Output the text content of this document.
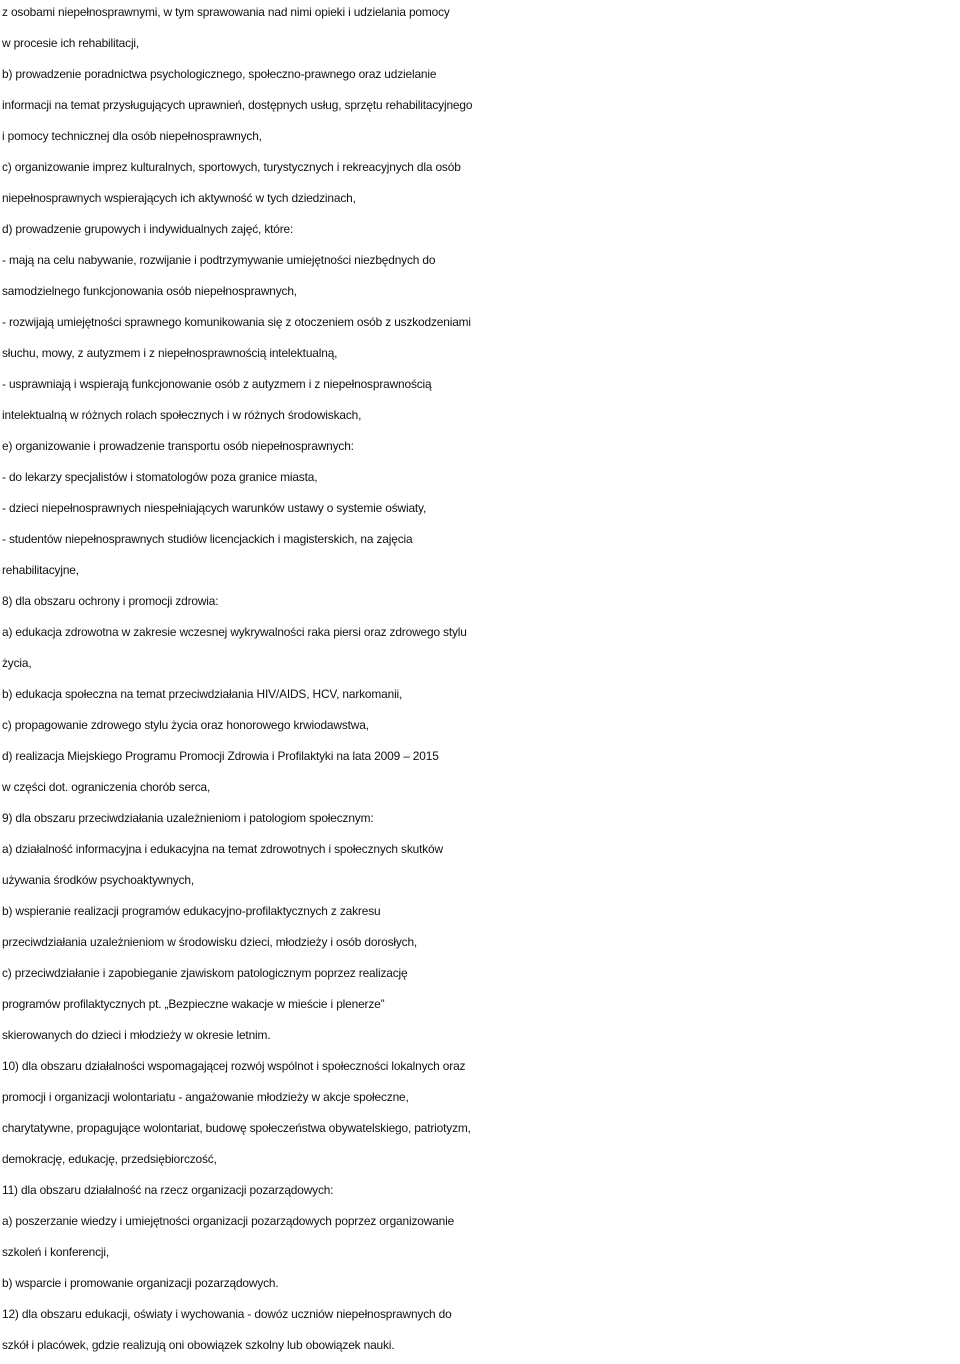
z osobami niepełnosprawnymi, w tym sprawowania nad nimi opieki i udzielania pomocy
w procesie ich rehabilitacji,
b) prowadzenie poradnictwa psychologicznego, społeczno-prawnego oraz udzielanie
informacji na temat przysługujących uprawnień, dostępnych usług, sprzętu rehabilitacyjnego
i pomocy technicznej dla osób niepełnosprawnych,
c) organizowanie imprez kulturalnych, sportowych, turystycznych i rekreacyjnych dla osób
niepełnosprawnych wspierających ich aktywność w tych dziedzinach,
d) prowadzenie grupowych i indywidualnych zajęć, które:
- mają na celu nabywanie, rozwijanie i podtrzymywanie umiejętności niezbędnych do
samodzielnego funkcjonowania osób niepełnosprawnych,
- rozwijają umiejętności sprawnego komunikowania się z otoczeniem osób z uszkodzeniami
słuchu, mowy, z autyzmem i z niepełnosprawnością intelektualną,
- usprawniają i wspierają funkcjonowanie osób z autyzmem i z niepełnosprawnością
intelektualną w różnych rolach społecznych i w różnych środowiskach,
e) organizowanie i prowadzenie transportu osób niepełnosprawnych:
- do lekarzy specjalistów i stomatologów poza granice miasta,
- dzieci niepełnosprawnych niespełniających warunków ustawy o systemie oświaty,
- studentów niepełnosprawnych studiów licencjackich i magisterskich, na zajęcia
rehabilitacyjne,
8) dla obszaru ochrony i promocji zdrowia:
a) edukacja zdrowotna w zakresie wczesnej wykrywalności raka piersi oraz zdrowego stylu
życia,
b) edukacja społeczna na temat przeciwdziałania HIV/AIDS, HCV, narkomanii,
c) propagowanie zdrowego stylu życia oraz honorowego krwiodawstwa,
d) realizacja Miejskiego Programu Promocji Zdrowia i Profilaktyki na lata 2009 – 2015
w części dot. ograniczenia chorób serca,
9) dla obszaru przeciwdziałania uzależnieniom i patologiom społecznym:
a) działalność informacyjna i edukacyjna na temat zdrowotnych i społecznych skutków
używania środków psychoaktywnych,
b) wspieranie realizacji programów edukacyjno-profilaktycznych z zakresu
przeciwdziałania uzależnieniom w środowisku dzieci, młodzieży i osób dorosłych,
c) przeciwdziałanie i zapobieganie zjawiskom patologicznym poprzez realizację
programów profilaktycznych pt. „Bezpieczne wakacje w mieście i plenerze”
skierowanych do dzieci i młodzieży w okresie letnim.
10) dla obszaru działalności wspomagającej rozwój wspólnot i społeczności lokalnych oraz
promocji i organizacji wolontariatu - angażowanie młodzieży w akcje społeczne,
charytatywne, propagujące wolontariat, budowę społeczeństwa obywatelskiego, patriotyzm,
demokrację, edukację, przedsiębiorczość,
11) dla obszaru działalność na rzecz organizacji pozarządowych:
a) poszerzanie wiedzy i umiejętności organizacji pozarządowych poprzez organizowanie
szkoleń i konferencji,
b) wsparcie i promowanie organizacji pozarządowych.
12) dla obszaru edukacji, oświaty i wychowania - dowóz uczniów niepełnosprawnych do
szkół i placówek, gdzie realizują oni obowiązek szkolny lub obowiązek nauki.
